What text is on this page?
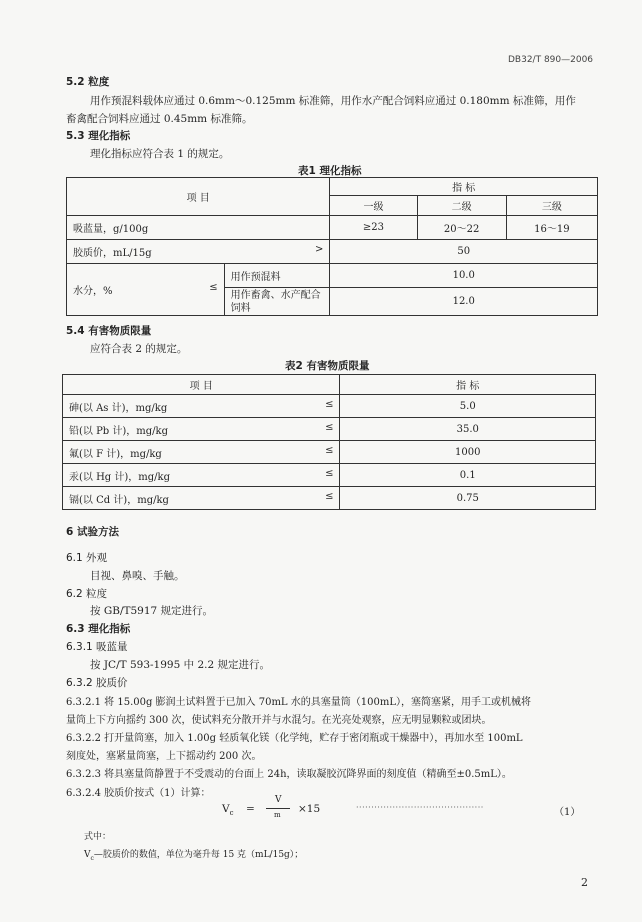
DB32/T 890—2006
5.2 粒度
用作预混料载体应通过 0.6mm～0.125mm 标准筛，用作水产配合饲料应通过 0.180mm 标准筛，用作
畜禽配合饲料应通过 0.45mm 标准筛。
5.3 理化指标
理化指标应符合表 1 的规定。
表1 理化指标
项 目		指 标		
		一级	二级	三级
吸蓝量，g/100g		≥23	20～22	16～19
胶质价，mL/15g >		50		
水分，% ≤	用作预混料	10.0		
	用作畜禽、水产配合饲料	12.0		
5.4 有害物质限量
应符合表 2 的规定。
表2 有害物质限量
项 目	指 标
砷(以 As 计)，mg/kg ≤	5.0
铅(以 Pb 计)，mg/kg ≤	35.0
氟(以 F 计)，mg/kg ≤	1000
汞(以 Hg 计)，mg/kg ≤	0.1
镉(以 Cd 计)，mg/kg ≤	0.75
6 试验方法
6.1 外观
目视、鼻嗅、手触。
6.2 粒度
按 GB/T5917 规定进行。
6.3 理化指标
6.3.1 吸蓝量
按 JC/T 593-1995 中 2.2 规定进行。
6.3.2 胶质价
6.3.2.1 将 15.00g 膨润土试料置于已加入 70mL 水的具塞量筒（100mL），塞简塞紧，用手工或机械将
量筒上下方向摇约 300 次，使试料充分散开并与水混匀。在光亮处观察，应无明显颗粒或团块。
6.3.2.2 打开量筒塞，加入 1.00g 轻质氧化镁（化学纯，贮存于密闭瓶或干燥器中），再加水至 100mL
刻度处，塞紧量筒塞，上下摇动约 200 次。
6.3.2.3 将具塞量筒静置于不受震动的台面上 24h，读取凝胶沉降界面的刻度值（精确至±0.5mL）。
6.3.2.4 胶质价按式（1）计算：
$V_c$ =
V
m ×15	··········································	（1）
式中：
$V_c—$胶质价的数值，单位为毫升每 15 克（mL/15g）；
2
